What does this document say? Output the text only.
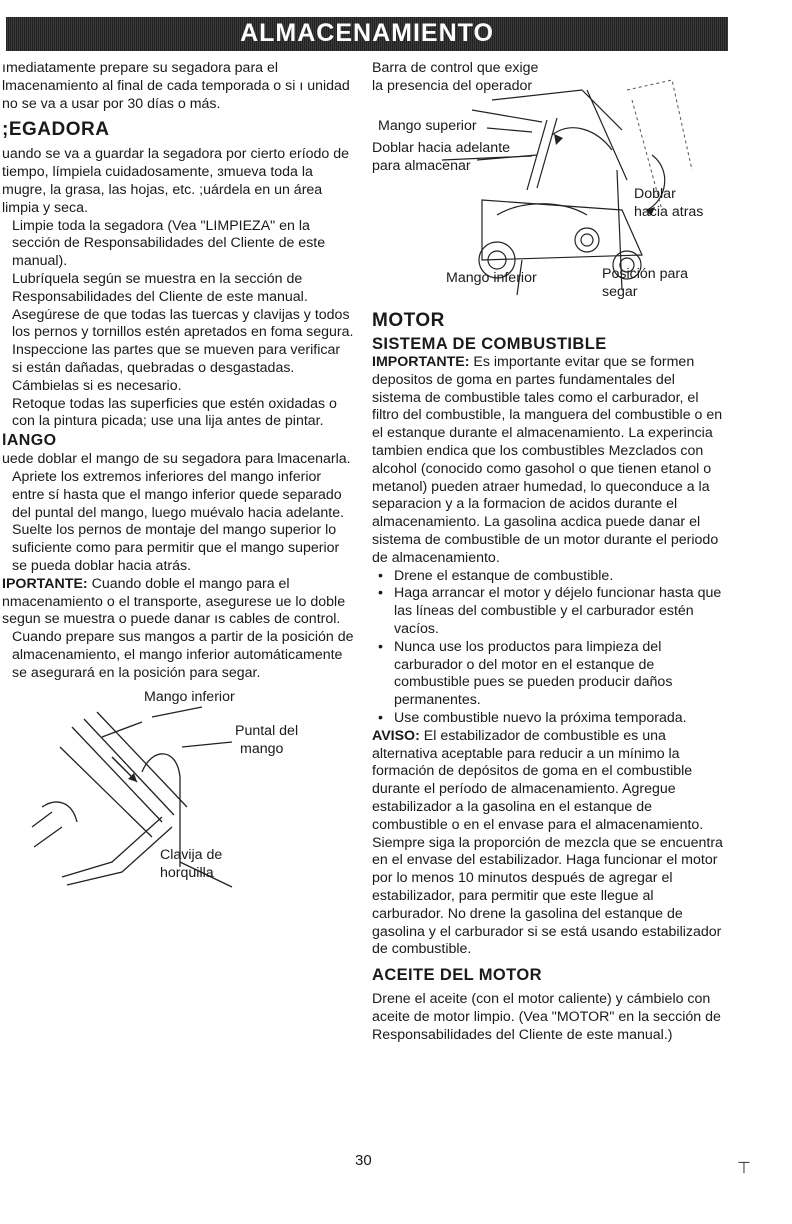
ALMACENAMIENTO

ımediatamente prepare su segadora para el lmacenamiento al final de cada temporada o si ı unidad no se va a usar por 30 días o más.

;EGADORA

uando se va a guardar la segadora por cierto eríodo de tiempo, límpiela cuidadosamente, ɜmueva toda la mugre, la grasa, las hojas, etc. ;uárdela en un área limpia y seca.

Limpie toda la segadora (Vea "LIMPIEZA" en la sección de Responsabilidades del Cliente de este manual).

Lubríquela según se muestra en la sección de Responsabilidades del Cliente de este manual.

Asegúrese de que todas las tuercas y clavijas y todos los pernos y tornillos estén apretados en foma segura. Inspeccione las partes que se mueven para verificar si están dañadas, quebradas o desgastadas. Cámbielas si es necesario.

Retoque todas las superficies que estén oxidadas o con la pintura picada; use una lija antes de pintar.

lANGO

uede doblar el mango de su segadora para lmacenarla.

Apriete los extremos inferiores del mango inferior entre sí hasta que el mango inferior quede separado del puntal del mango, luego muévalo hacia adelante.

Suelte los pernos de montaje del mango superior lo suficiente como para permitir que el mango superior se pueda doblar hacia atrás.

IPORTANTE: Cuando doble el mango para el nmacenamiento o el transporte, asegurese ue lo doble segun se muestra o puede danar ıs cables de control.

Cuando prepare sus mangos a partir de la posición de almacenamiento, el mango inferior automáticamente se asegurará en la posición para segar.

Mango inferior
Puntal del
mango
Clavija de
horquilla
Barra de control que exige
la presencia del operador
Mango superior
Doblar hacia adelante
para almacenar
Doblar
hacia atras
Mango inferior	Posición para
segar
MOTOR
SISTEMA DE COMBUSTIBLE

IMPORTANTE: Es importante evitar que se formen depositos de goma en partes fundamentales del sistema de combustible tales como el carburador, el filtro del combustible, la manguera del combustible o en el estanque durante el almacenamiento. La experincia tambien endica que los combustibles Mezclados con alcohol (conocido como gasohol o que tienen etanol o metanol) pueden atraer humedad, lo queconduce a la separacion y a la formacion de acidos durante el almacenamiento. La gasolina acdica puede danar el sistema de combustible de un motor durante el periodo de almacenamiento.

• Drene el estanque de combustible.
• Haga arrancar el motor y déjelo funcionar hasta que las líneas del combustible y el carburador estén vacíos.
• Nunca use los productos para limpieza del carburador o del motor en el estanque de combustible pues se pueden producir daños permanentes.
• Use combustible nuevo la próxima temporada.

AVISO: El estabilizador de combustible es una alternativa aceptable para reducir a un mínimo la formación de depósitos de goma en el combustible durante el período de almacenamiento. Agregue estabilizador a la gasolina en el estanque de combustible o en el envase para el almacenamiento. Siempre siga la proporción de mezcla que se encuentra en el envase del estabilizador. Haga funcionar el motor por lo menos 10 minutos después de agregar el estabilizador, para permitir que este llegue al carburador. No drene la gasolina del estanque de gasolina y el carburador si se está usando estabilizador de combustible.

ACEITE DEL MOTOR

Drene el aceite (con el motor caliente) y cámbielo con aceite de motor limpio. (Vea "MOTOR" en la sección de Responsabilidades del Cliente de este manual.)

30	⊤
